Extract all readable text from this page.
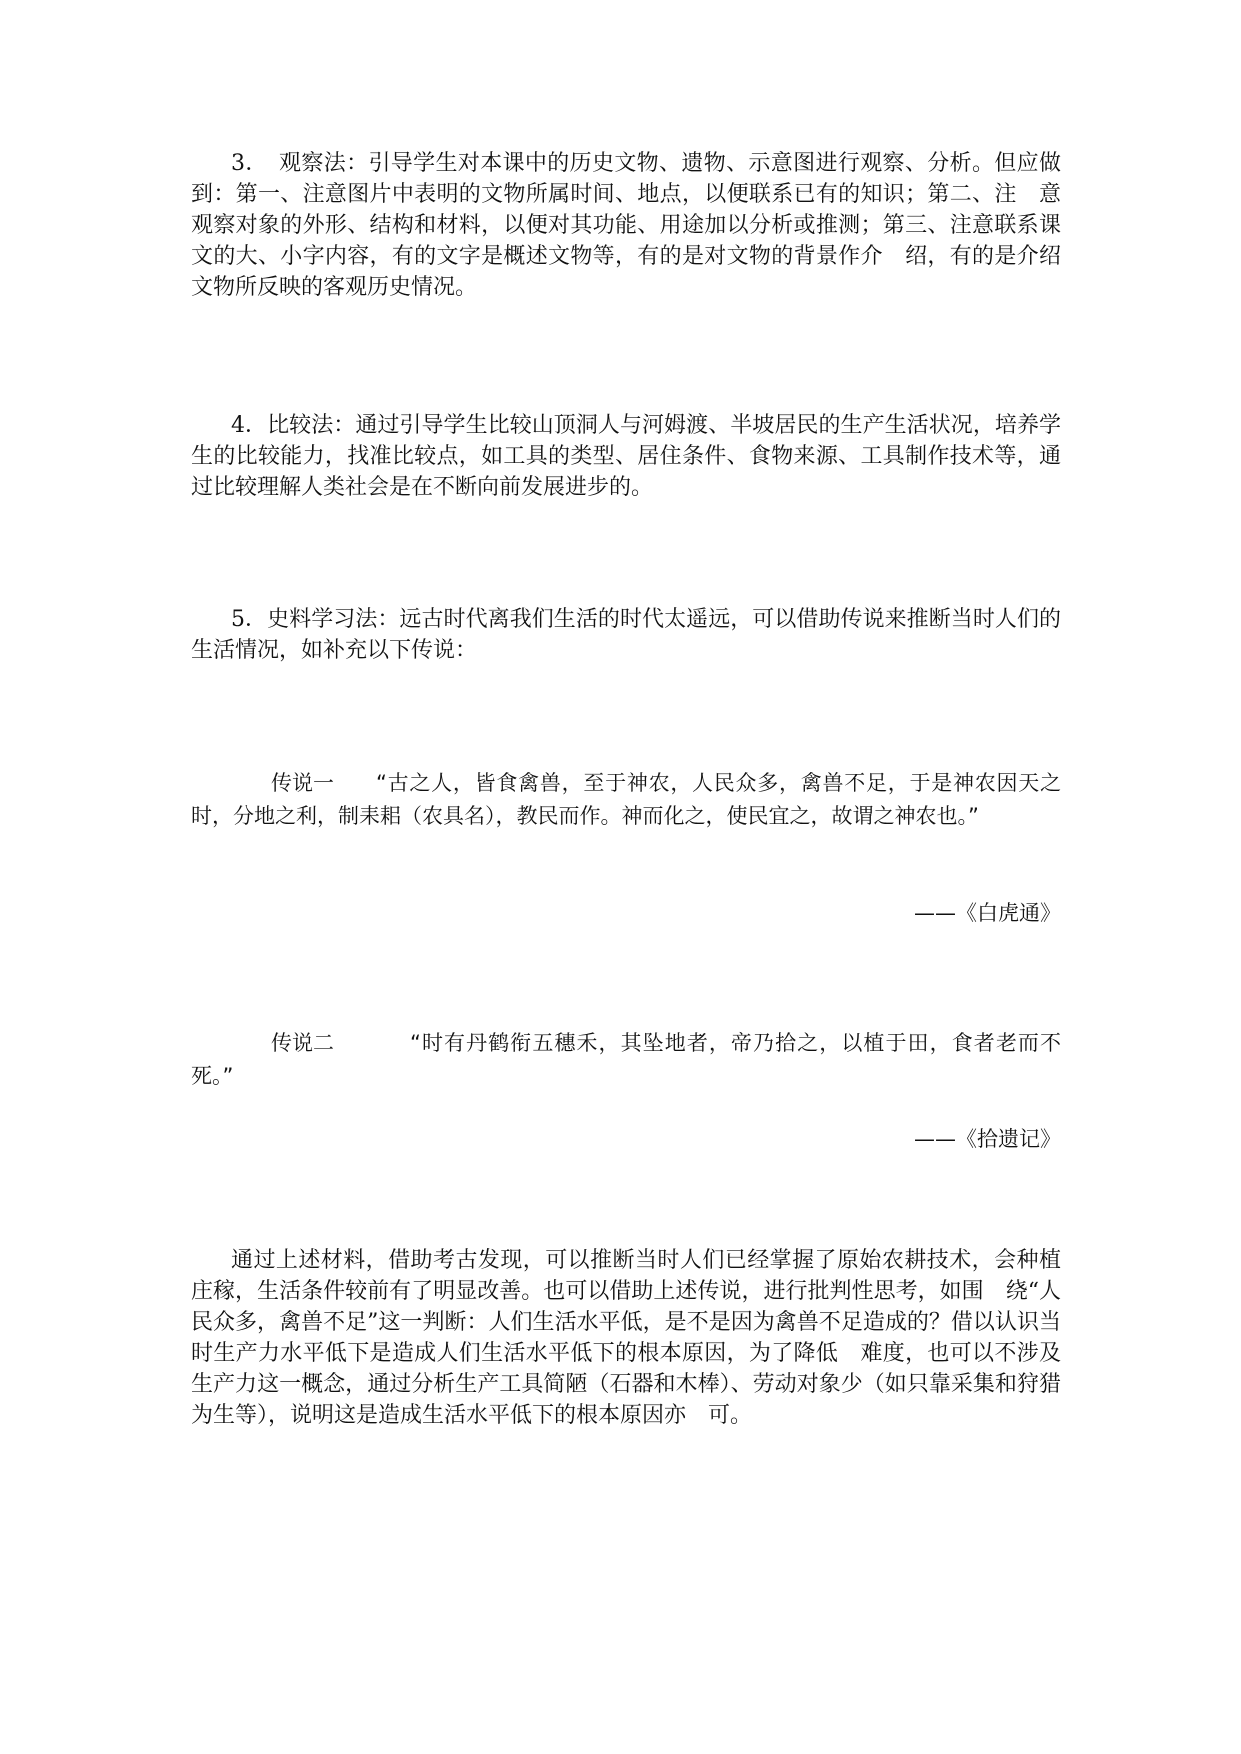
3．　观察法：引导学生对本课中的历史文物、遗物、示意图进行观察、分析。但应做到：第一、注意图片中表明的文物所属时间、地点，以便联系已有的知识；第二、注　意观察对象的外形、结构和材料，以便对其功能、用途加以分析或推测；第三、注意联系课文的大、小字内容，有的文字是概述文物等，有的是对文物的背景作介　绍，有的是介绍文物所反映的客观历史情况。

4．比较法：通过引导学生比较山顶洞人与河姆渡、半坡居民的生产生活状况，培养学生的比较能力，找准比较点，如工具的类型、居住条件、食物来源、工具制作技术等，通过比较理解人类社会是在不断向前发展进步的。

5．史料学习法：远古时代离我们生活的时代太遥远，可以借助传说来推断当时人们的生活情况，如补充以下传说：

传说一 “古之人，皆食禽兽，至于神农，人民众多，禽兽不足，于是神农因天之时，分地之利，制耒耜（农具名），教民而作。神而化之，使民宜之，故谓之神农也。”

——《白虎通》

传说二	“时有丹鹤衔五穗禾，其坠地者，帝乃拾之，以植于田，食者老而不死。”

——《拾遗记》

通过上述材料，借助考古发现，可以推断当时人们已经掌握了原始农耕技术，会种植庄稼，生活条件较前有了明显改善。也可以借助上述传说，进行批判性思考，如围　绕“人民众多，禽兽不足”这一判断：人们生活水平低，是不是因为禽兽不足造成的？借以认识当时生产力水平低下是造成人们生活水平低下的根本原因，为了降低　难度，也可以不涉及生产力这一概念，通过分析生产工具简陋（石器和木棒）、劳动对象少（如只靠采集和狩猎为生等），说明这是造成生活水平低下的根本原因亦　可。
